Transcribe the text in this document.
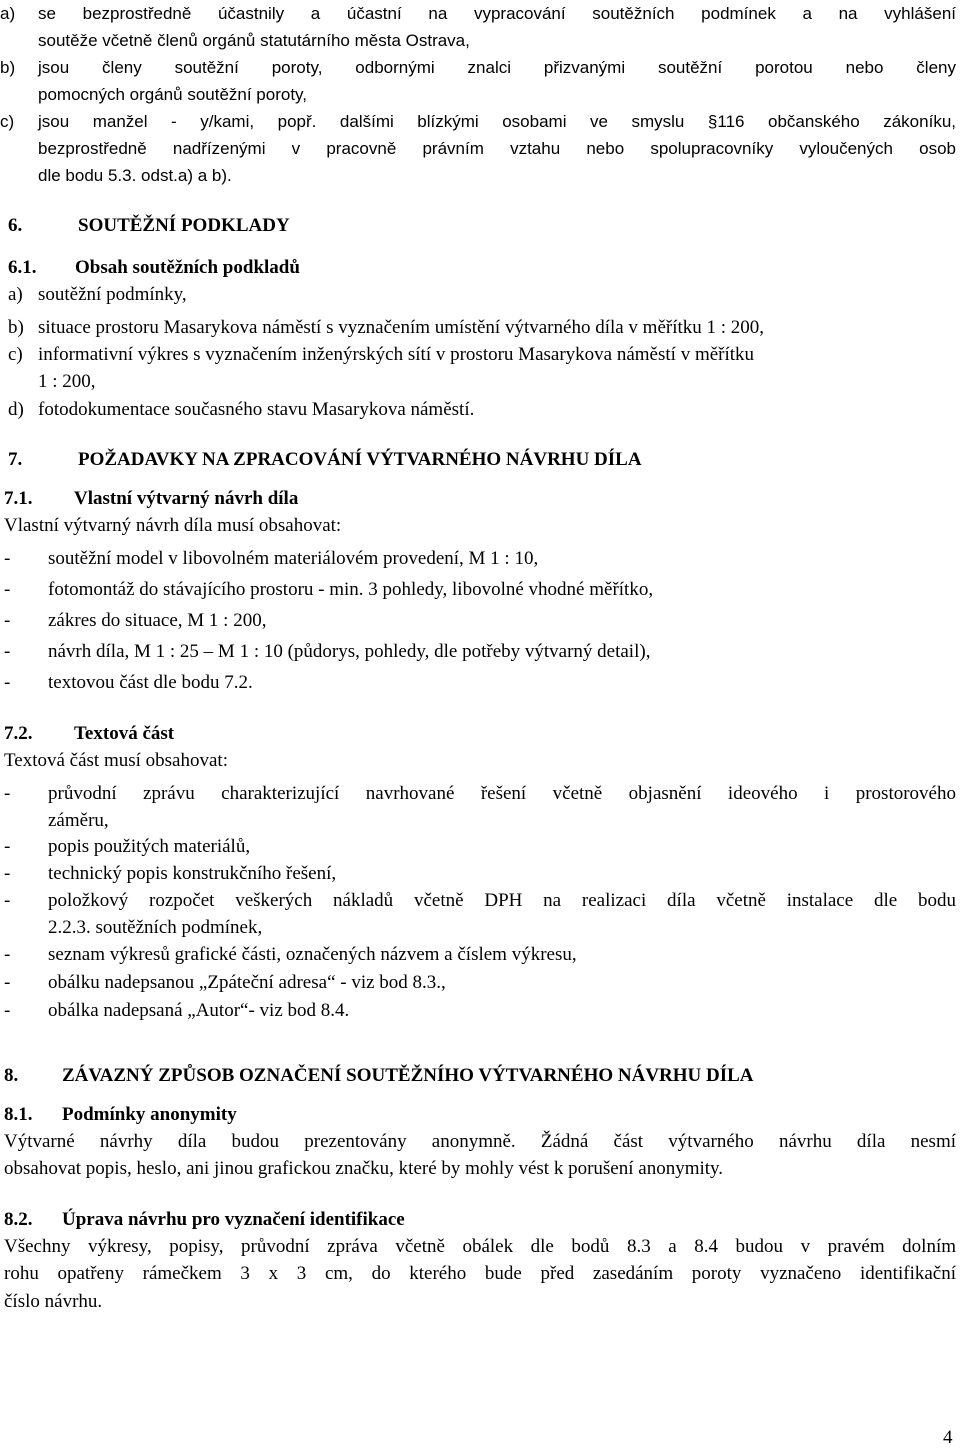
a)	se bezprostředně účastnily a účastní na vypracování soutěžních podmínek a na vyhlášení
soutěže včetně členů orgánů statutárního města Ostrava,
b) jsou členy soutěžní poroty, odbornými znalci přizvanými soutěžní porotou nebo členy
pomocných orgánů soutěžní poroty,
c) jsou manžel - y/kami, popř. dalšími blízkými osobami ve smyslu §116 občanského zákoníku,
bezprostředně nadřízenými v pracovně právním vztahu nebo spolupracovníky vyloučených osob
dle bodu 5.3. odst.a) a b).
6.	SOUTĚŽNÍ PODKLADY
6.1. Obsah soutěžních podkladů
a) soutěžní podmínky,
b) situace prostoru Masarykova náměstí s vyznačením umístění výtvarného díla v měřítku 1 : 200,
c) informativní výkres s vyznačením inženýrských sítí v prostoru Masarykova náměstí v měřítku
1 : 200,
d) fotodokumentace současného stavu Masarykova náměstí.
7.	POŽADAVKY NA ZPRACOVÁNÍ VÝTVARNÉHO NÁVRHU DÍLA
7.1. Vlastní výtvarný návrh díla
Vlastní výtvarný návrh díla musí obsahovat:
- soutěžní model v libovolném materiálovém provedení, M 1 : 10,
- fotomontáž do stávajícího prostoru - min. 3 pohledy, libovolné vhodné měřítko,
- zákres do situace, M 1 : 200,
- návrh díla, M 1 : 25 – M 1 : 10 (půdorys, pohledy, dle potřeby výtvarný detail),
- textovou část dle bodu 7.2.
7.2. Textová část
Textová část musí obsahovat:
-	průvodní zprávu charakterizující navrhované řešení včetně objasnění ideového i prostorového
záměru,
- popis použitých materiálů,
- technický popis konstrukčního řešení,
-	položkový rozpočet veškerých nákladů včetně DPH na realizaci díla včetně instalace dle bodu
2.2.3. soutěžních podmínek,
- seznam výkresů grafické části, označených názvem a číslem výkresu,
- obálku nadepsanou „Zpáteční adresa“ - viz bod 8.3.,
- obálka nadepsaná „Autor“- viz bod 8.4.
8. ZÁVAZNÝ ZPŮSOB OZNAČENÍ SOUTĚŽNÍHO VÝTVARNÉHO NÁVRHU DÍLA
8.1. Podmínky anonymity
Výtvarné návrhy díla budou prezentovány anonymně. Žádná část výtvarného návrhu díla nesmí
obsahovat popis, heslo, ani jinou grafickou značku, které by mohly vést k porušení anonymity.
8.2. Úprava návrhu pro vyznačení identifikace
Všechny výkresy, popisy, průvodní zpráva včetně obálek dle bodů 8.3 a 8.4 budou v pravém dolním
rohu opatřeny rámečkem 3 x 3 cm, do kterého bude před zasedáním poroty vyznačeno identifikační
číslo návrhu.
4
